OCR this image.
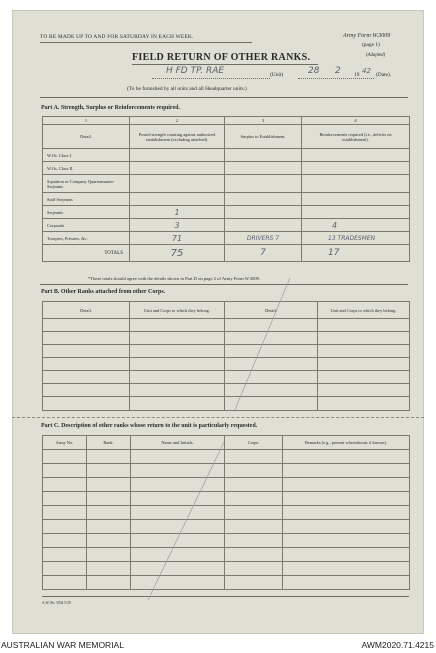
TO BE MADE UP TO AND FOR SATURDAY IN EACH WEEK.	Army Form W.3009
(page 1)
(Adapted)
FIELD RETURN OF OTHER RANKS.
H FD TP. RAE	(Unit)	28 2 19 42 (Date).
(To be furnished by all units and all Headquarter units.)
Part A. Strength, Surplus or Reinforcements required.
1	2	3	4
Detail.	Posted strength counting against authorized establishment (excluding attached).	Surplus to Establishment.	Reinforcements required (i.e., deficits on establishment).
W.Os. Class I.			
W.Os. Class II.			
Squadron or Company Quartermaster-Serjeants			
Staff Serjeants			
Serjeants	1		
Corporals	3		4
Troopers, Privates, &c.	71	DRIVERS 7	13 TRADESMEN
TOTALS	75	7	17
*These totals should agree with the details shown in Part D on page 2 of Army Form W.3009.
Part B. Other Ranks attached from other Corps.
Detail.	Unit and Corps to which they belong.	Detail.	Unit and Corps to which they belong.

Part C. Description of other ranks whose return to the unit is particularly requested.
Army No.	Rank.	Name and Initials.	Corps.	Remarks (e.g., present whereabouts if known).

A.W. Ptr. 5934 5/39
AUSTRALIAN WAR MEMORIAL	AWM2020.71.4215
